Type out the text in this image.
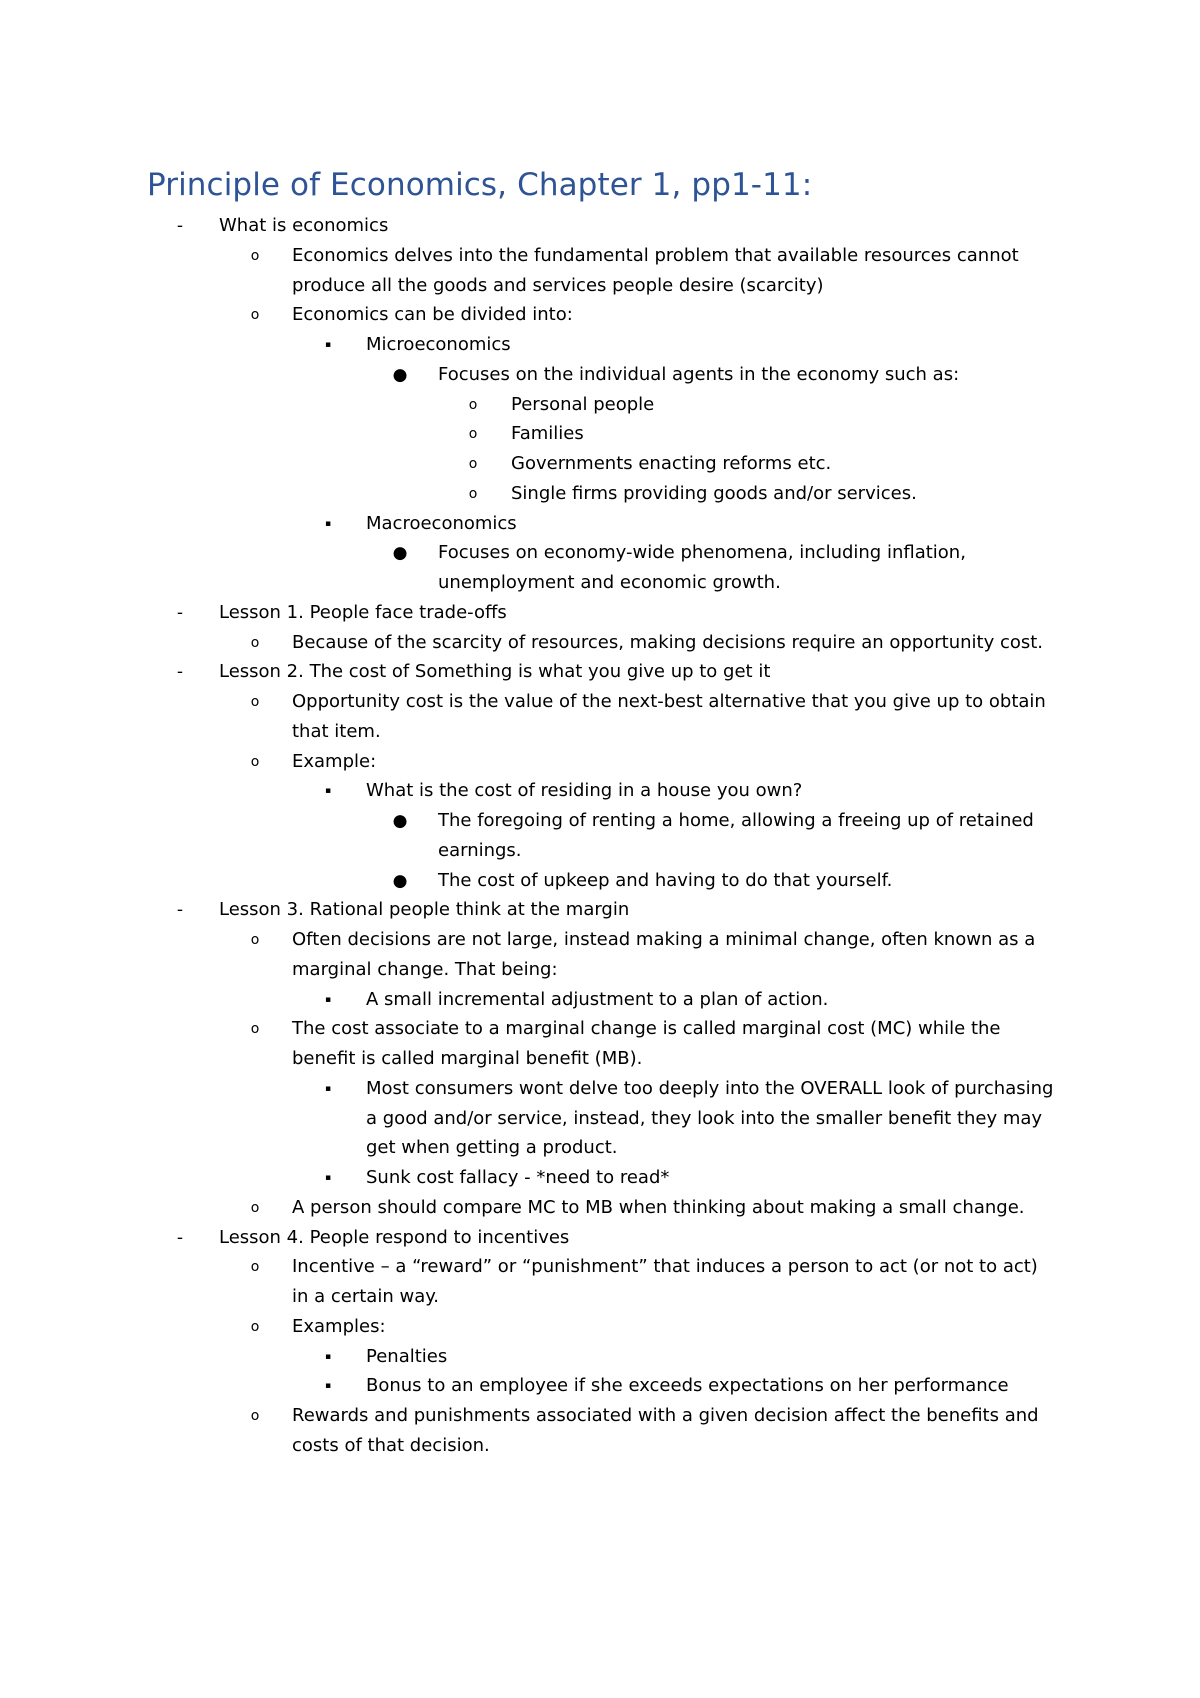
Principle of Economics, Chapter 1, pp1-11:
-	What is economics
o	Economics delves into the fundamental problem that available resources cannot
produce all the goods and services people desire (scarcity)
o	Economics can be divided into:
▪	Microeconomics
● Focuses on the individual agents in the economy such as:
o	Personal people
o	Families
o	Governments enacting reforms etc.
o	Single firms providing goods and/or services.
▪	Macroeconomics
● Focuses on economy-wide phenomena, including inflation,
unemployment and economic growth.
-	Lesson 1. People face trade-offs
o	Because of the scarcity of resources, making decisions require an opportunity cost.
-	Lesson 2. The cost of Something is what you give up to get it
o	Opportunity cost is the value of the next-best alternative that you give up to obtain
that item.
o	Example:
▪	What is the cost of residing in a house you own?
● The foregoing of renting a home, allowing a freeing up of retained
earnings.
● The cost of upkeep and having to do that yourself.
-	Lesson 3. Rational people think at the margin
o	Often decisions are not large, instead making a minimal change, often known as a
marginal change. That being:
▪	A small incremental adjustment to a plan of action.
o	The cost associate to a marginal change is called marginal cost (MC) while the
benefit is called marginal benefit (MB).
▪	Most consumers wont delve too deeply into the OVERALL look of purchasing
a good and/or service, instead, they look into the smaller benefit they may
get when getting a product.
▪	Sunk cost fallacy - *need to read*
o	A person should compare MC to MB when thinking about making a small change.
-	Lesson 4. People respond to incentives
o	Incentive – a “reward” or “punishment” that induces a person to act (or not to act)
in a certain way.
o	Examples:
▪	Penalties
▪	Bonus to an employee if she exceeds expectations on her performance
o	Rewards and punishments associated with a given decision affect the benefits and
costs of that decision.
